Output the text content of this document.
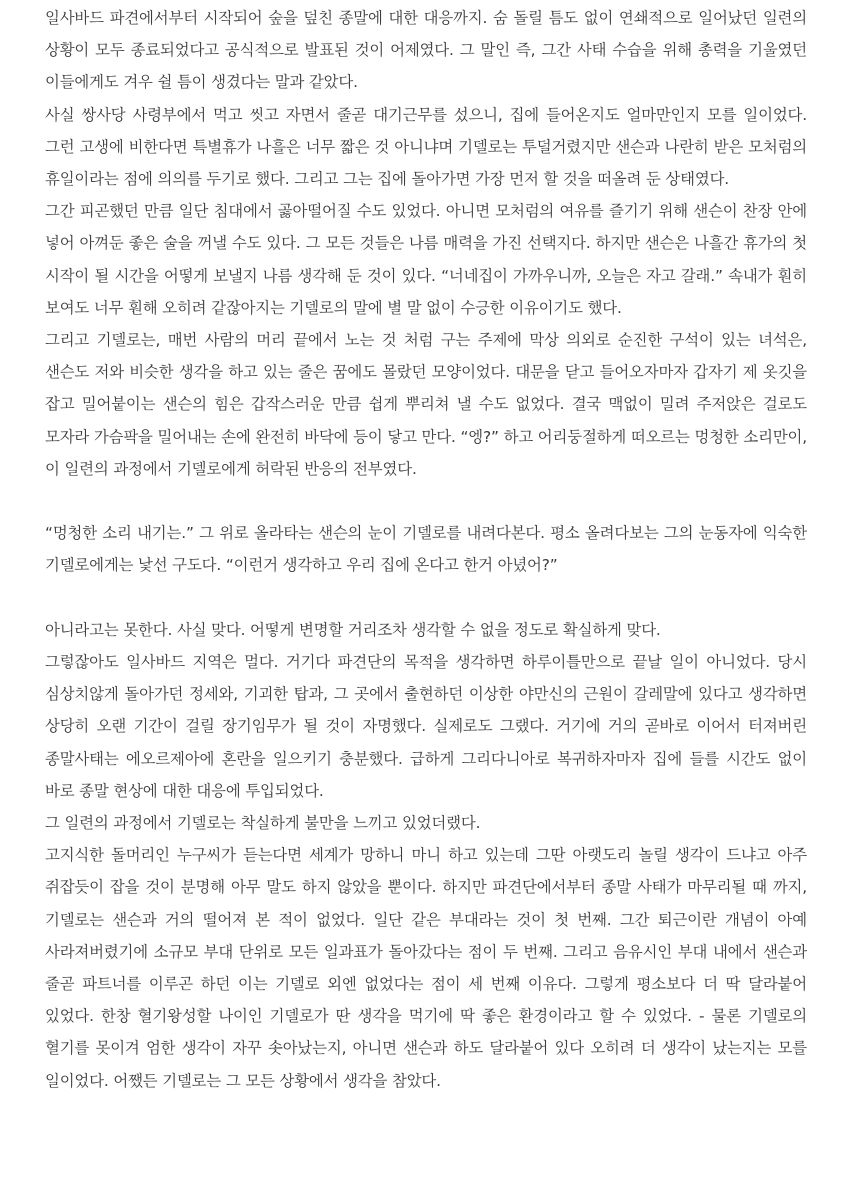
일사바드 파견에서부터 시작되어 숲을 덮친 종말에 대한 대응까지. 숨 돌릴 틈도 없이 연쇄적으로 일어났던 일련의 상황이 모두 종료되었다고 공식적으로 발표된 것이 어제였다. 그 말인 즉, 그간 사태 수습을 위해 총력을 기울였던 이들에게도 겨우 쉴 틈이 생겼다는 말과 같았다.

사실 쌍사당 사령부에서 먹고 씻고 자면서 줄곧 대기근무를 섰으니, 집에 들어온지도 얼마만인지 모를 일이었다. 그런 고생에 비한다면 특별휴가 나흘은 너무 짧은 것 아니냐며 기델로는 투덜거렸지만 샌슨과 나란히 받은 모처럼의 휴일이라는 점에 의의를 두기로 했다. 그리고 그는 집에 돌아가면 가장 먼저 할 것을 떠올려 둔 상태였다.

그간 피곤했던 만큼 일단 침대에서 곯아떨어질 수도 있었다. 아니면 모처럼의 여유를 즐기기 위해 샌슨이 찬장 안에 넣어 아껴둔 좋은 술을 꺼낼 수도 있다. 그 모든 것들은 나름 매력을 가진 선택지다. 하지만 샌슨은 나흘간 휴가의 첫 시작이 될 시간을 어떻게 보낼지 나름 생각해 둔 것이 있다. “너네집이 가까우니까, 오늘은 자고 갈래.” 속내가 훤히 보여도 너무 훤해 오히려 같잖아지는 기델로의 말에 별 말 없이 수긍한 이유이기도 했다.

그리고 기델로는, 매번 사람의 머리 끝에서 노는 것 처럼 구는 주제에 막상 의외로 순진한 구석이 있는 녀석은, 샌슨도 저와 비슷한 생각을 하고 있는 줄은 꿈에도 몰랐던 모양이었다. 대문을 닫고 들어오자마자 갑자기 제 옷깃을 잡고 밀어붙이는 샌슨의 힘은 갑작스러운 만큼 쉽게 뿌리쳐 낼 수도 없었다. 결국 맥없이 밀려 주저앉은 걸로도 모자라 가슴팍을 밀어내는 손에 완전히 바닥에 등이 닿고 만다. “엥?” 하고 어리둥절하게 떠오르는 멍청한 소리만이, 이 일련의 과정에서 기델로에게 허락된 반응의 전부였다.

“멍청한 소리 내기는.” 그 위로 올라타는 샌슨의 눈이 기델로를 내려다본다. 평소 올려다보는 그의 눈동자에 익숙한 기델로에게는 낯선 구도다. “이런거 생각하고 우리 집에 온다고 한거 아녔어?”

아니라고는 못한다. 사실 맞다. 어떻게 변명할 거리조차 생각할 수 없을 정도로 확실하게 맞다.

그렇잖아도 일사바드 지역은 멀다. 거기다 파견단의 목적을 생각하면 하루이틀만으로 끝날 일이 아니었다. 당시 심상치않게 돌아가던 정세와, 기괴한 탑과, 그 곳에서 출현하던 이상한 야만신의 근원이 갈레말에 있다고 생각하면 상당히 오랜 기간이 걸릴 장기임무가 될 것이 자명했다. 실제로도 그랬다. 거기에 거의 곧바로 이어서 터져버린 종말사태는 에오르제아에 혼란을 일으키기 충분했다. 급하게 그리다니아로 복귀하자마자 집에 들를 시간도 없이 바로 종말 현상에 대한 대응에 투입되었다.

그 일련의 과정에서 기델로는 착실하게 불만을 느끼고 있었더랬다.

고지식한 돌머리인 누구씨가 듣는다면 세계가 망하니 마니 하고 있는데 그딴 아랫도리 놀릴 생각이 드냐고 아주 쥐잡듯이 잡을 것이 분명해 아무 말도 하지 않았을 뿐이다. 하지만 파견단에서부터 종말 사태가 마무리될 때 까지, 기델로는 샌슨과 거의 떨어져 본 적이 없었다. 일단 같은 부대라는 것이 첫 번째. 그간 퇴근이란 개념이 아예 사라져버렸기에 소규모 부대 단위로 모든 일과표가 돌아갔다는 점이 두 번째. 그리고 음유시인 부대 내에서 샌슨과 줄곧 파트너를 이루곤 하던 이는 기델로 외엔 없었다는 점이 세 번째 이유다. 그렇게 평소보다 더 딱 달라붙어 있었다. 한창 혈기왕성할 나이인 기델로가 딴 생각을 먹기에 딱 좋은 환경이라고 할 수 있었다. - 물론 기델로의 혈기를 못이겨 엄한 생각이 자꾸 솟아났는지, 아니면 샌슨과 하도 달라붙어 있다 오히려 더 생각이 났는지는 모를 일이었다. 어쨌든 기델로는 그 모든 상황에서 생각을 참았다.
